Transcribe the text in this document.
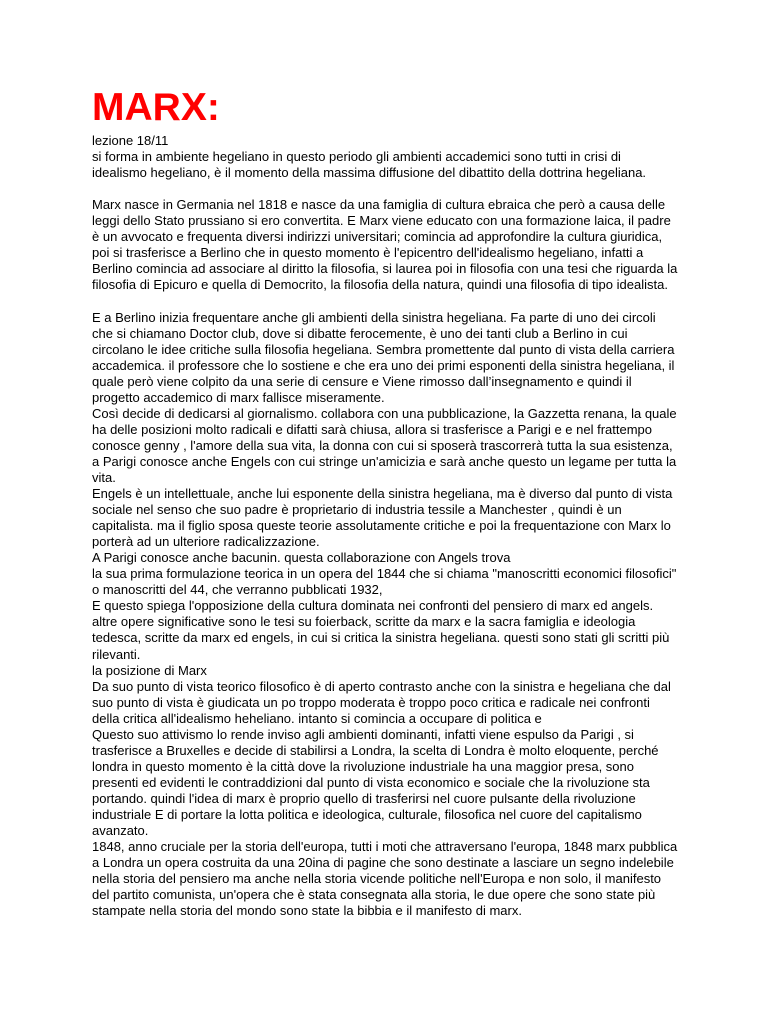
MARX:
lezione 18/11
si forma in ambiente hegeliano in questo periodo gli ambienti accademici sono tutti in crisi di
idealismo hegeliano, è il momento della massima diffusione del dibattito della dottrina hegeliana.
Marx nasce in Germania nel 1818 e nasce da una famiglia di cultura ebraica che però a causa delle
leggi dello Stato prussiano si ero convertita. E Marx viene educato con una formazione laica, il padre
è un avvocato e frequenta diversi indirizzi universitari; comincia ad approfondire la cultura giuridica,
poi si trasferisce a Berlino che in questo momento è l'epicentro dell'idealismo hegeliano, infatti a
Berlino comincia ad associare al diritto la filosofia, si laurea poi in filosofia con una tesi che riguarda la
filosofia di Epicuro e quella di Democrito, la filosofia della natura, quindi una filosofia di tipo idealista.
E a Berlino inizia frequentare anche gli ambienti della sinistra hegeliana. Fa parte di uno dei circoli
che si chiamano Doctor club, dove si dibatte ferocemente, è uno dei tanti club a Berlino in cui
circolano le idee critiche sulla filosofia hegeliana. Sembra promettente dal punto di vista della carriera
accademica. il professore che lo sostiene e che era uno dei primi esponenti della sinistra hegeliana, il
quale però viene colpito da una serie di censure e Viene rimosso dall’insegnamento e quindi il
progetto accademico di marx fallisce miseramente.
Così decide di dedicarsi al giornalismo. collabora con una pubblicazione, la Gazzetta renana, la quale
ha delle posizioni molto radicali e difatti sarà chiusa, allora si trasferisce a Parigi e e nel frattempo
conosce genny , l'amore della sua vita, la donna con cui si sposerà trascorrerà tutta la sua esistenza,
a Parigi conosce anche Engels con cui stringe un'amicizia e sarà anche questo un legame per tutta la
vita.
Engels è un intellettuale, anche lui esponente della sinistra hegeliana, ma è diverso dal punto di vista
sociale nel senso che suo padre è proprietario di industria tessile a Manchester , quindi è un
capitalista. ma il figlio sposa queste teorie assolutamente critiche e poi la frequentazione con Marx lo
porterà ad un ulteriore radicalizzazione.
A Parigi conosce anche bacunin. questa collaborazione con Angels trova
la sua prima formulazione teorica in un opera del 1844 che si chiama "manoscritti economici filosofici"
o manoscritti del 44, che verranno pubblicati 1932,
E questo spiega l'opposizione della cultura dominata nei confronti del pensiero di marx ed angels.
altre opere significative sono le tesi su foierback, scritte da marx e la sacra famiglia e ideologia
tedesca, scritte da marx ed engels, in cui si critica la sinistra hegeliana. questi sono stati gli scritti più
rilevanti.
la posizione di Marx
Da suo punto di vista teorico filosofico è di aperto contrasto anche con la sinistra e hegeliana che dal
suo punto di vista è giudicata un po troppo moderata è troppo poco critica e radicale nei confronti
della critica all'idealismo heheliano. intanto si comincia a occupare di politica e
Questo suo attivismo lo rende inviso agli ambienti dominanti, infatti viene espulso da Parigi , si
trasferisce a Bruxelles e decide di stabilirsi a Londra, la scelta di Londra è molto eloquente, perché
londra in questo momento è la città dove la rivoluzione industriale ha una maggior presa, sono
presenti ed evidenti le contraddizioni dal punto di vista economico e sociale che la rivoluzione sta
portando. quindi l'idea di marx è proprio quello di trasferirsi nel cuore pulsante della rivoluzione
industriale E di portare la lotta politica e ideologica, culturale, filosofica nel cuore del capitalismo
avanzato.
1848, anno cruciale per la storia dell'europa, tutti i moti che attraversano l'europa, 1848 marx pubblica
a Londra un opera costruita da una 20ina di pagine che sono destinate a lasciare un segno indelebile
nella storia del pensiero ma anche nella storia vicende politiche nell'Europa e non solo, il manifesto
del partito comunista, un'opera che è stata consegnata alla storia, le due opere che sono state più
stampate nella storia del mondo sono state la bibbia e il manifesto di marx.
